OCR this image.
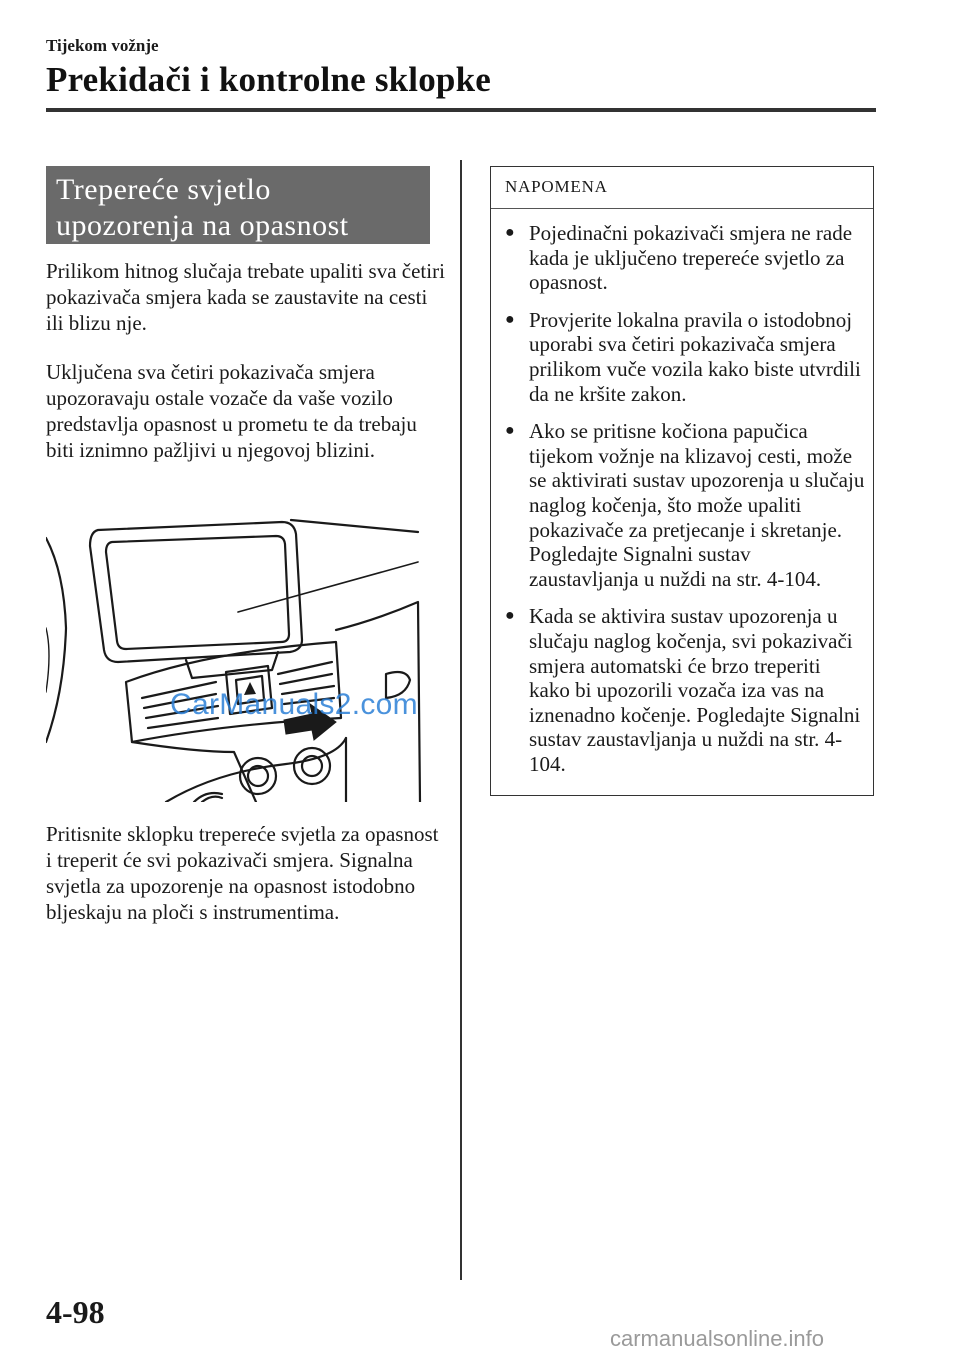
Tijekom vožnje
Prekidači i kontrolne sklopke
Trepereće svjetlo
upozorenja na opasnost

Prilikom hitnog slučaja trebate upaliti sva četiri pokazivača smjera kada se zaustavite na cesti ili blizu nje.

Uključena sva četiri pokazivača smjera upozoravaju ostale vozače da vaše vozilo predstavlja opasnost u prometu te da trebaju biti iznimno pažljivi u njegovoj blizini.

CarManuals2.com

Pritisnite sklopku trepereće svjetla za opasnost i treperit će svi pokazivači smjera. Signalna svjetla za upozorenje na opasnost istodobno bljeskaju na ploči s instrumentima.

NAPOMENA
● Pojedinačni pokazivači smjera ne rade kada je uključeno trepereće svjetlo za opasnost.
● Provjerite lokalna pravila o istodobnoj uporabi sva četiri pokazivača smjera prilikom vuče vozila kako biste utvrdili da ne kršite zakon.
● Ako se pritisne kočiona papučica tijekom vožnje na klizavoj cesti, može se aktivirati sustav upozorenja u slučaju naglog kočenja, što može upaliti pokazivače za pretjecanje i skretanje. Pogledajte Signalni sustav zaustavljanja u nuždi na str. 4-104.
● Kada se aktivira sustav upozorenja u slučaju naglog kočenja, svi pokazivači smjera automatski će brzo treperiti kako bi upozorili vozača iza vas na iznenadno kočenje. Pogledajte Signalni sustav zaustavljanja u nuždi na str. 4-104.
4-98
carmanualsonline.info
